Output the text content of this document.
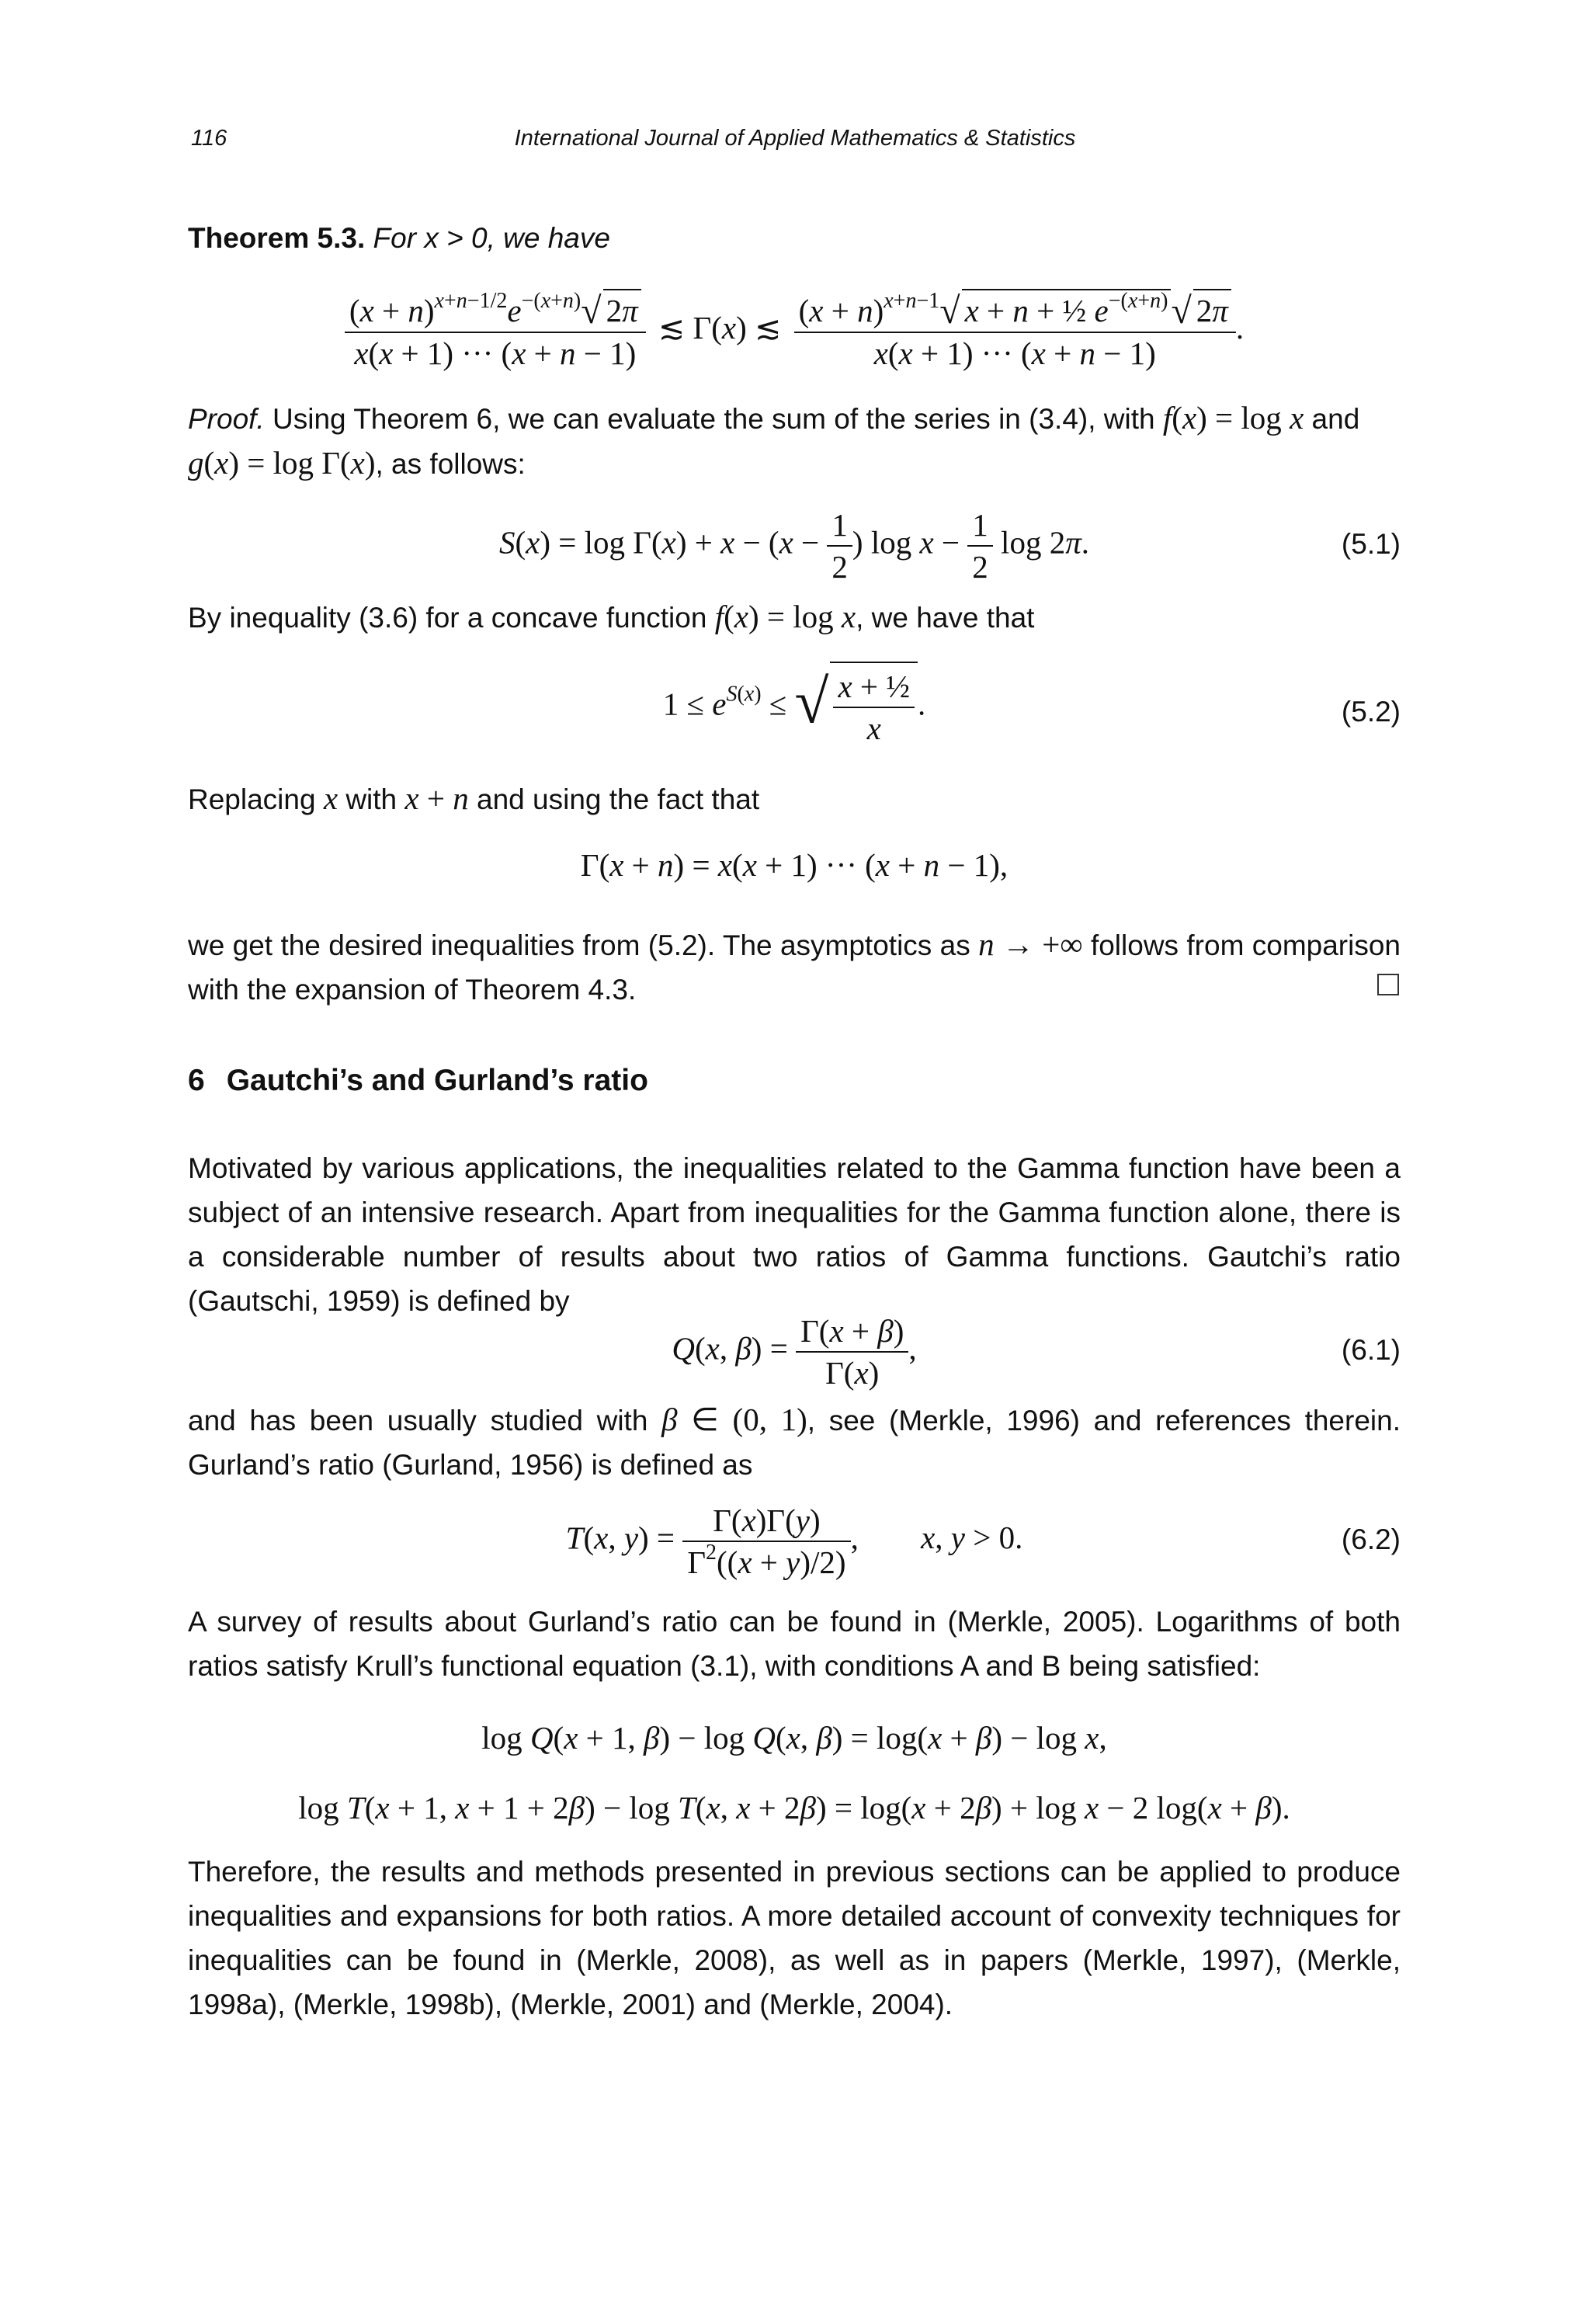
116	International Journal of Applied Mathematics & Statistics
Theorem 5.3. For x > 0, we have
$\frac{(x + n)^{x+n-1/2}e^{-(x+n)}√ 2\pi}{x(x + 1) \cdot\cdot\cdot (x + n - 1)}$ ≲ Γ(x) ≲ $\frac{(x + n)^{x+n-1}√ x + n + \frac{1}{2} e^{-(x+n)}√ 2\pi}{x(x + 1) \cdot\cdot\cdot (x + n - 1)}$ .
Proof. Using Theorem 6, we can evaluate the sum of the series in (3.4), with f(x) = log x and
g(x) = log Γ(x), as follows:
$S(x) = \log \Gamma(x) + x - (x - \frac{1}{2}$ ) $\log x - \frac{1}{2}$ log 2π.	(5.1)
By inequality (3.6) for a concave function f(x) = log x, we have that
$1 \le e^{S(x)}$ ≤ √ $\frac{\text{x + ½}}{x}$ .	(5.2)
Replacing x with x + n and using the fact that
Γ(x + n) = x(x + 1) ··· (x + n − 1),
we get the desired inequalities from (5.2). The asymptotics as n → +∞ follows from comparison with the expansion of Theorem 4.3.
6 Gautchi’s and Gurland’s ratio
Motivated by various applications, the inequalities related to the Gamma function have been a subject of an intensive research. Apart from inequalities for the Gamma function alone, there is a considerable number of results about two ratios of Gamma functions. Gautchi’s ratio (Gautschi, 1959) is defined by
Q(x, $\beta) = \frac{\Gamma(x + \beta)}{\Gamma(x)}$ ,	(6.1)
and has been usually studied with β ∈ (0, 1), see (Merkle, 1996) and references therein. Gurland’s ratio (Gurland, 1956) is defined as
T(x, $y) = \frac{\Gamma(x)\Gamma(y)}{\Gamma^2((x + y)/2)}$ , x, y > 0.	(6.2)
A survey of results about Gurland’s ratio can be found in (Merkle, 2005). Logarithms of both ratios satisfy Krull’s functional equation (3.1), with conditions A and B being satisfied:
log Q(x + 1, β) − log Q(x, β) = log(x + β) − log x,
log T(x + 1, x + 1 + 2β) − log T(x, x + 2β) = log(x + 2β) + log x − 2 log(x + β).
Therefore, the results and methods presented in previous sections can be applied to produce inequalities and expansions for both ratios. A more detailed account of convexity techniques for inequalities can be found in (Merkle, 2008), as well as in papers (Merkle, 1997), (Merkle, 1998a), (Merkle, 1998b), (Merkle, 2001) and (Merkle, 2004).
